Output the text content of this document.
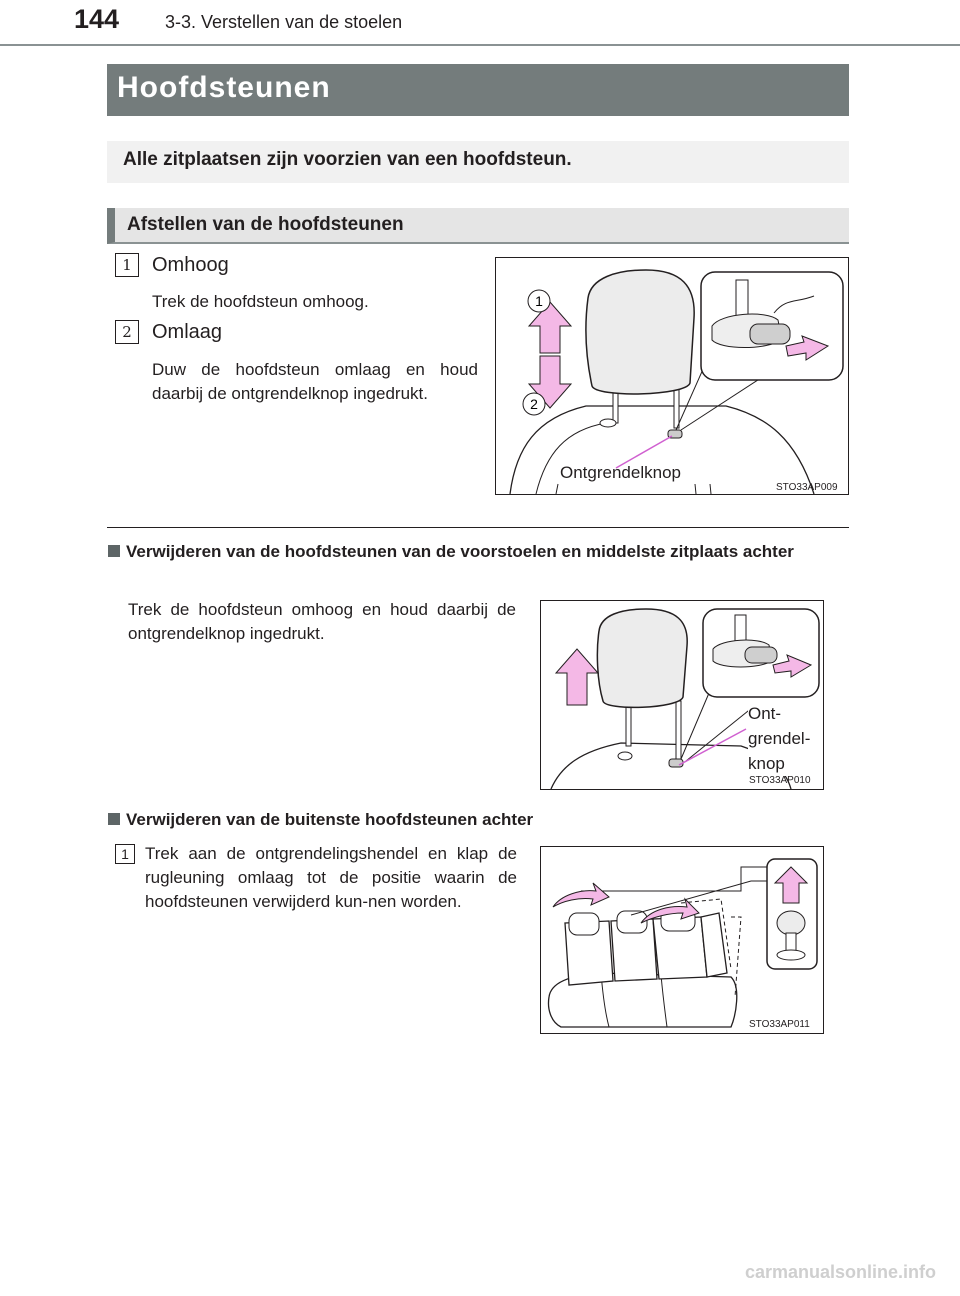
144	3-3. Verstellen van de stoelen
Hoofdsteunen
Alle zitplaatsen zijn voorzien van een hoofdsteun.
Afstellen van de hoofdsteunen
1	Omhoog
Trek de hoofdsteun omhoog.
2	Omlaag
Duw de hoofdsteun omlaag en houd daarbij de ontgrendelknop ingedrukt.
1
2
Ontgrendelknop
STO33AP009
Verwijderen van de hoofdsteunen van de voorstoelen en middelste zitplaats achter
Trek de hoofdsteun omhoog en houd daarbij de ontgrendelknop ingedrukt.
Ont-
grendel-
knop
STO33AP010
Verwijderen van de buitenste hoofdsteunen achter
1 Trek aan de ontgrendelingshendel en klap de rugleuning omlaag tot de positie waarin de hoofdsteunen verwijderd kun-nen worden.
STO33AP011
carmanualsonline.info
